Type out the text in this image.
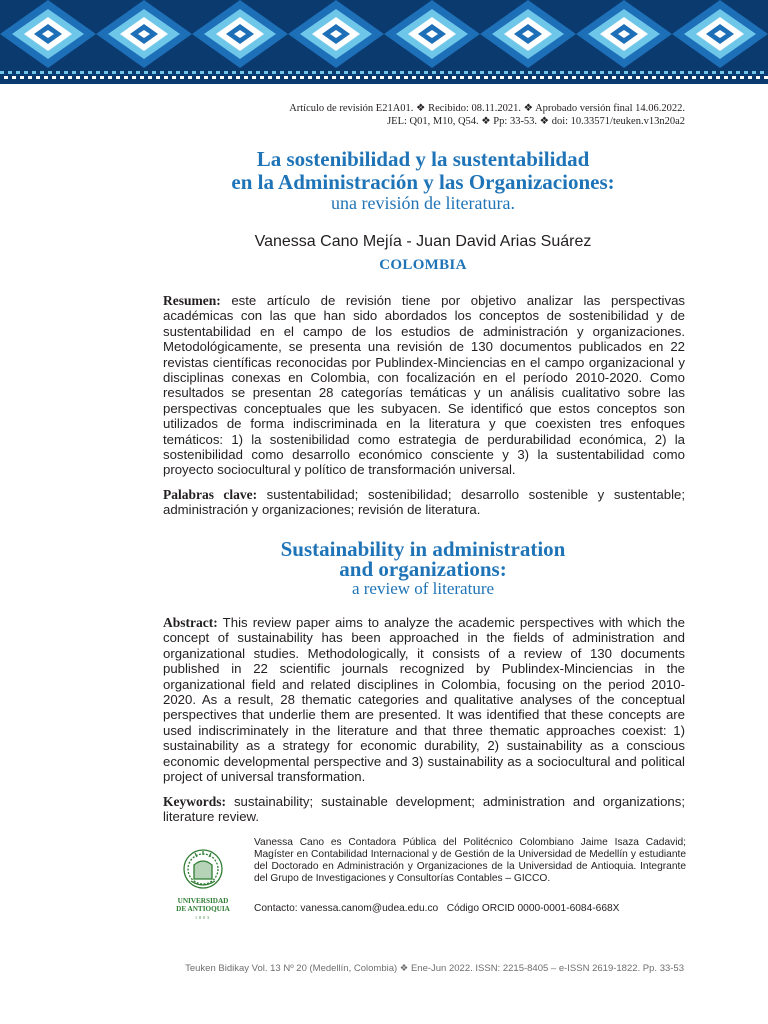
Artículo de revisión E21A01. ❖ Recibido: 08.11.2021. ❖ Aprobado versión final 14.06.2022.
JEL: Q01, M10, Q54. ❖ Pp: 33-53. ❖ doi: 10.33571/teuken.v13n20a2
La sostenibilidad y la sustentabilidad
en la Administración y las Organizaciones:
una revisión de literatura.
Vanessa Cano Mejía - Juan David Arias Suárez
COLOMBIA
Resumen: este artículo de revisión tiene por objetivo analizar las perspectivas académicas con las que han sido abordados los conceptos de sostenibilidad y de sustentabilidad en el campo de los estudios de administración y organizaciones. Metodológicamente, se presenta una revisión de 130 documentos publicados en 22 revistas científicas reconocidas por Publindex-Minciencias en el campo organizacional y disciplinas conexas en Colombia, con focalización en el período 2010-2020. Como resultados se presentan 28 categorías temáticas y un análisis cualitativo sobre las perspectivas conceptuales que les subyacen. Se identificó que estos conceptos son utilizados de forma indiscriminada en la literatura y que coexisten tres enfoques temáticos: 1) la sostenibilidad como estrategia de perdurabilidad económica, 2) la sostenibilidad como desarrollo económico consciente y 3) la sustentabilidad como proyecto sociocultural y político de transformación universal.
Palabras clave: sustentabilidad; sostenibilidad; desarrollo sostenible y sustentable; administración y organizaciones; revisión de literatura.
Sustainability in administration
and organizations:
a review of literature
Abstract: This review paper aims to analyze the academic perspectives with which the concept of sustainability has been approached in the fields of administration and organizational studies. Methodologically, it consists of a review of 130 documents published in 22 scientific journals recognized by Publindex-Minciencias in the organizational field and related disciplines in Colombia, focusing on the period 2010-2020. As a result, 28 thematic categories and qualitative analyses of the conceptual perspectives that underlie them are presented. It was identified that these concepts are used indiscriminately in the literature and that three thematic approaches coexist: 1) sustainability as a strategy for economic durability, 2) sustainability as a conscious economic developmental perspective and 3) sustainability as a sociocultural and political project of universal transformation.
Keywords: sustainability; sustainable development; administration and organizations; literature review.
UNIVERSIDAD
DE ANTIOQUIA
1803
Vanessa Cano es Contadora Pública del Politécnico Colombiano Jaime Isaza Cadavid; Magíster en Contabilidad Internacional y de Gestión de la Universidad de Medellín y estudiante del Doctorado en Administración y Organizaciones de la Universidad de Antioquia. Integrante del Grupo de Investigaciones y Consultorías Contables – GICCO.
Contacto: vanessa.canom@udea.edu.co Código ORCID 0000-0001-6084-668X
Teuken Bidikay Vol. 13 Nº 20 (Medellín, Colombia) ❖ Ene-Jun 2022. ISSN: 2215-8405 – e-ISSN 2619-1822. Pp. 33-53
